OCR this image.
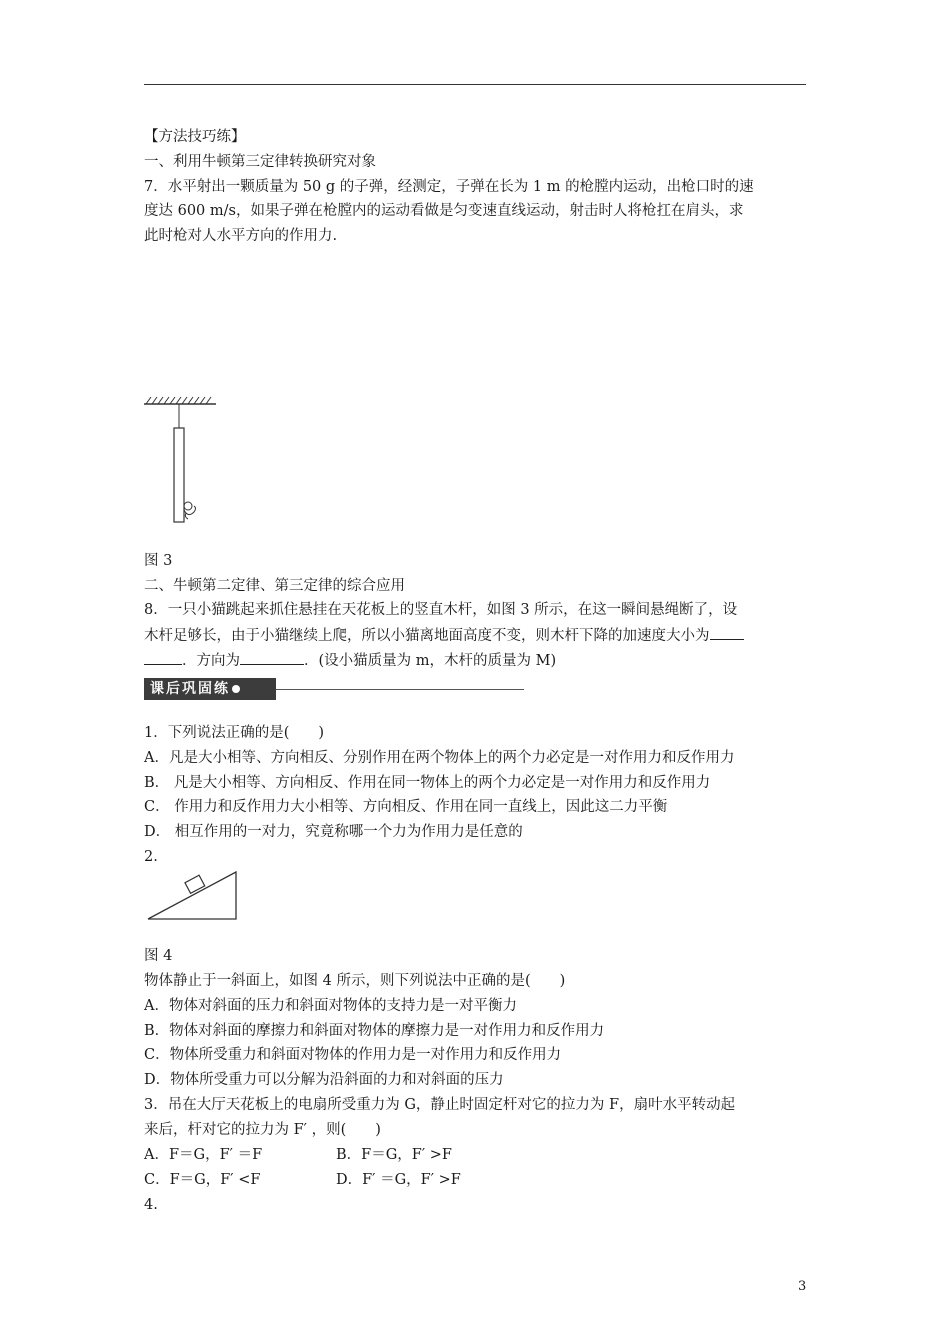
【方法技巧练】
一、利用牛顿第三定律转换研究对象
7．水平射出一颗质量为 50 g 的子弹，经测定，子弹在长为 1 m 的枪膛内运动，出枪口时的速
度达 600 m/s，如果子弹在枪膛内的运动看做是匀变速直线运动，射击时人将枪扛在肩头，求
此时枪对人水平方向的作用力.
图 3
二、牛顿第二定律、第三定律的综合应用
8．一只小猫跳起来抓住悬挂在天花板上的竖直木杆，如图 3 所示，在这一瞬间悬绳断了，设
木杆足够长，由于小猫继续上爬，所以小猫离地面高度不变，则木杆下降的加速度大小为
．方向为	．(设小猫质量为 m，木杆的质量为 M)
课后巩固练
1．下列说法正确的是(　　)
A．凡是大小相等、方向相反、分别作用在两个物体上的两个力必定是一对作用力和反作用力
B． 凡是大小相等、方向相反、作用在同一物体上的两个力必定是一对作用力和反作用力
C． 作用力和反作用力大小相等、方向相反、作用在同一直线上，因此这二力平衡
D． 相互作用的一对力，究竟称哪一个力为作用力是任意的
2.
图 4
物体静止于一斜面上，如图 4 所示，则下列说法中正确的是(　　)
A．物体对斜面的压力和斜面对物体的支持力是一对平衡力
B．物体对斜面的摩擦力和斜面对物体的摩擦力是一对作用力和反作用力
C．物体所受重力和斜面对物体的作用力是一对作用力和反作用力
D．物体所受重力可以分解为沿斜面的力和对斜面的压力
3．吊在大厅天花板上的电扇所受重力为 G，静止时固定杆对它的拉力为 F，扇叶水平转动起
来后，杆对它的拉力为 F′ ，则(　　)
A．F＝G，F′ ＝F	B．F＝G，F′ >F
C．F＝G，F′ <F	D．F′ ＝G，F′ >F
4.
3
